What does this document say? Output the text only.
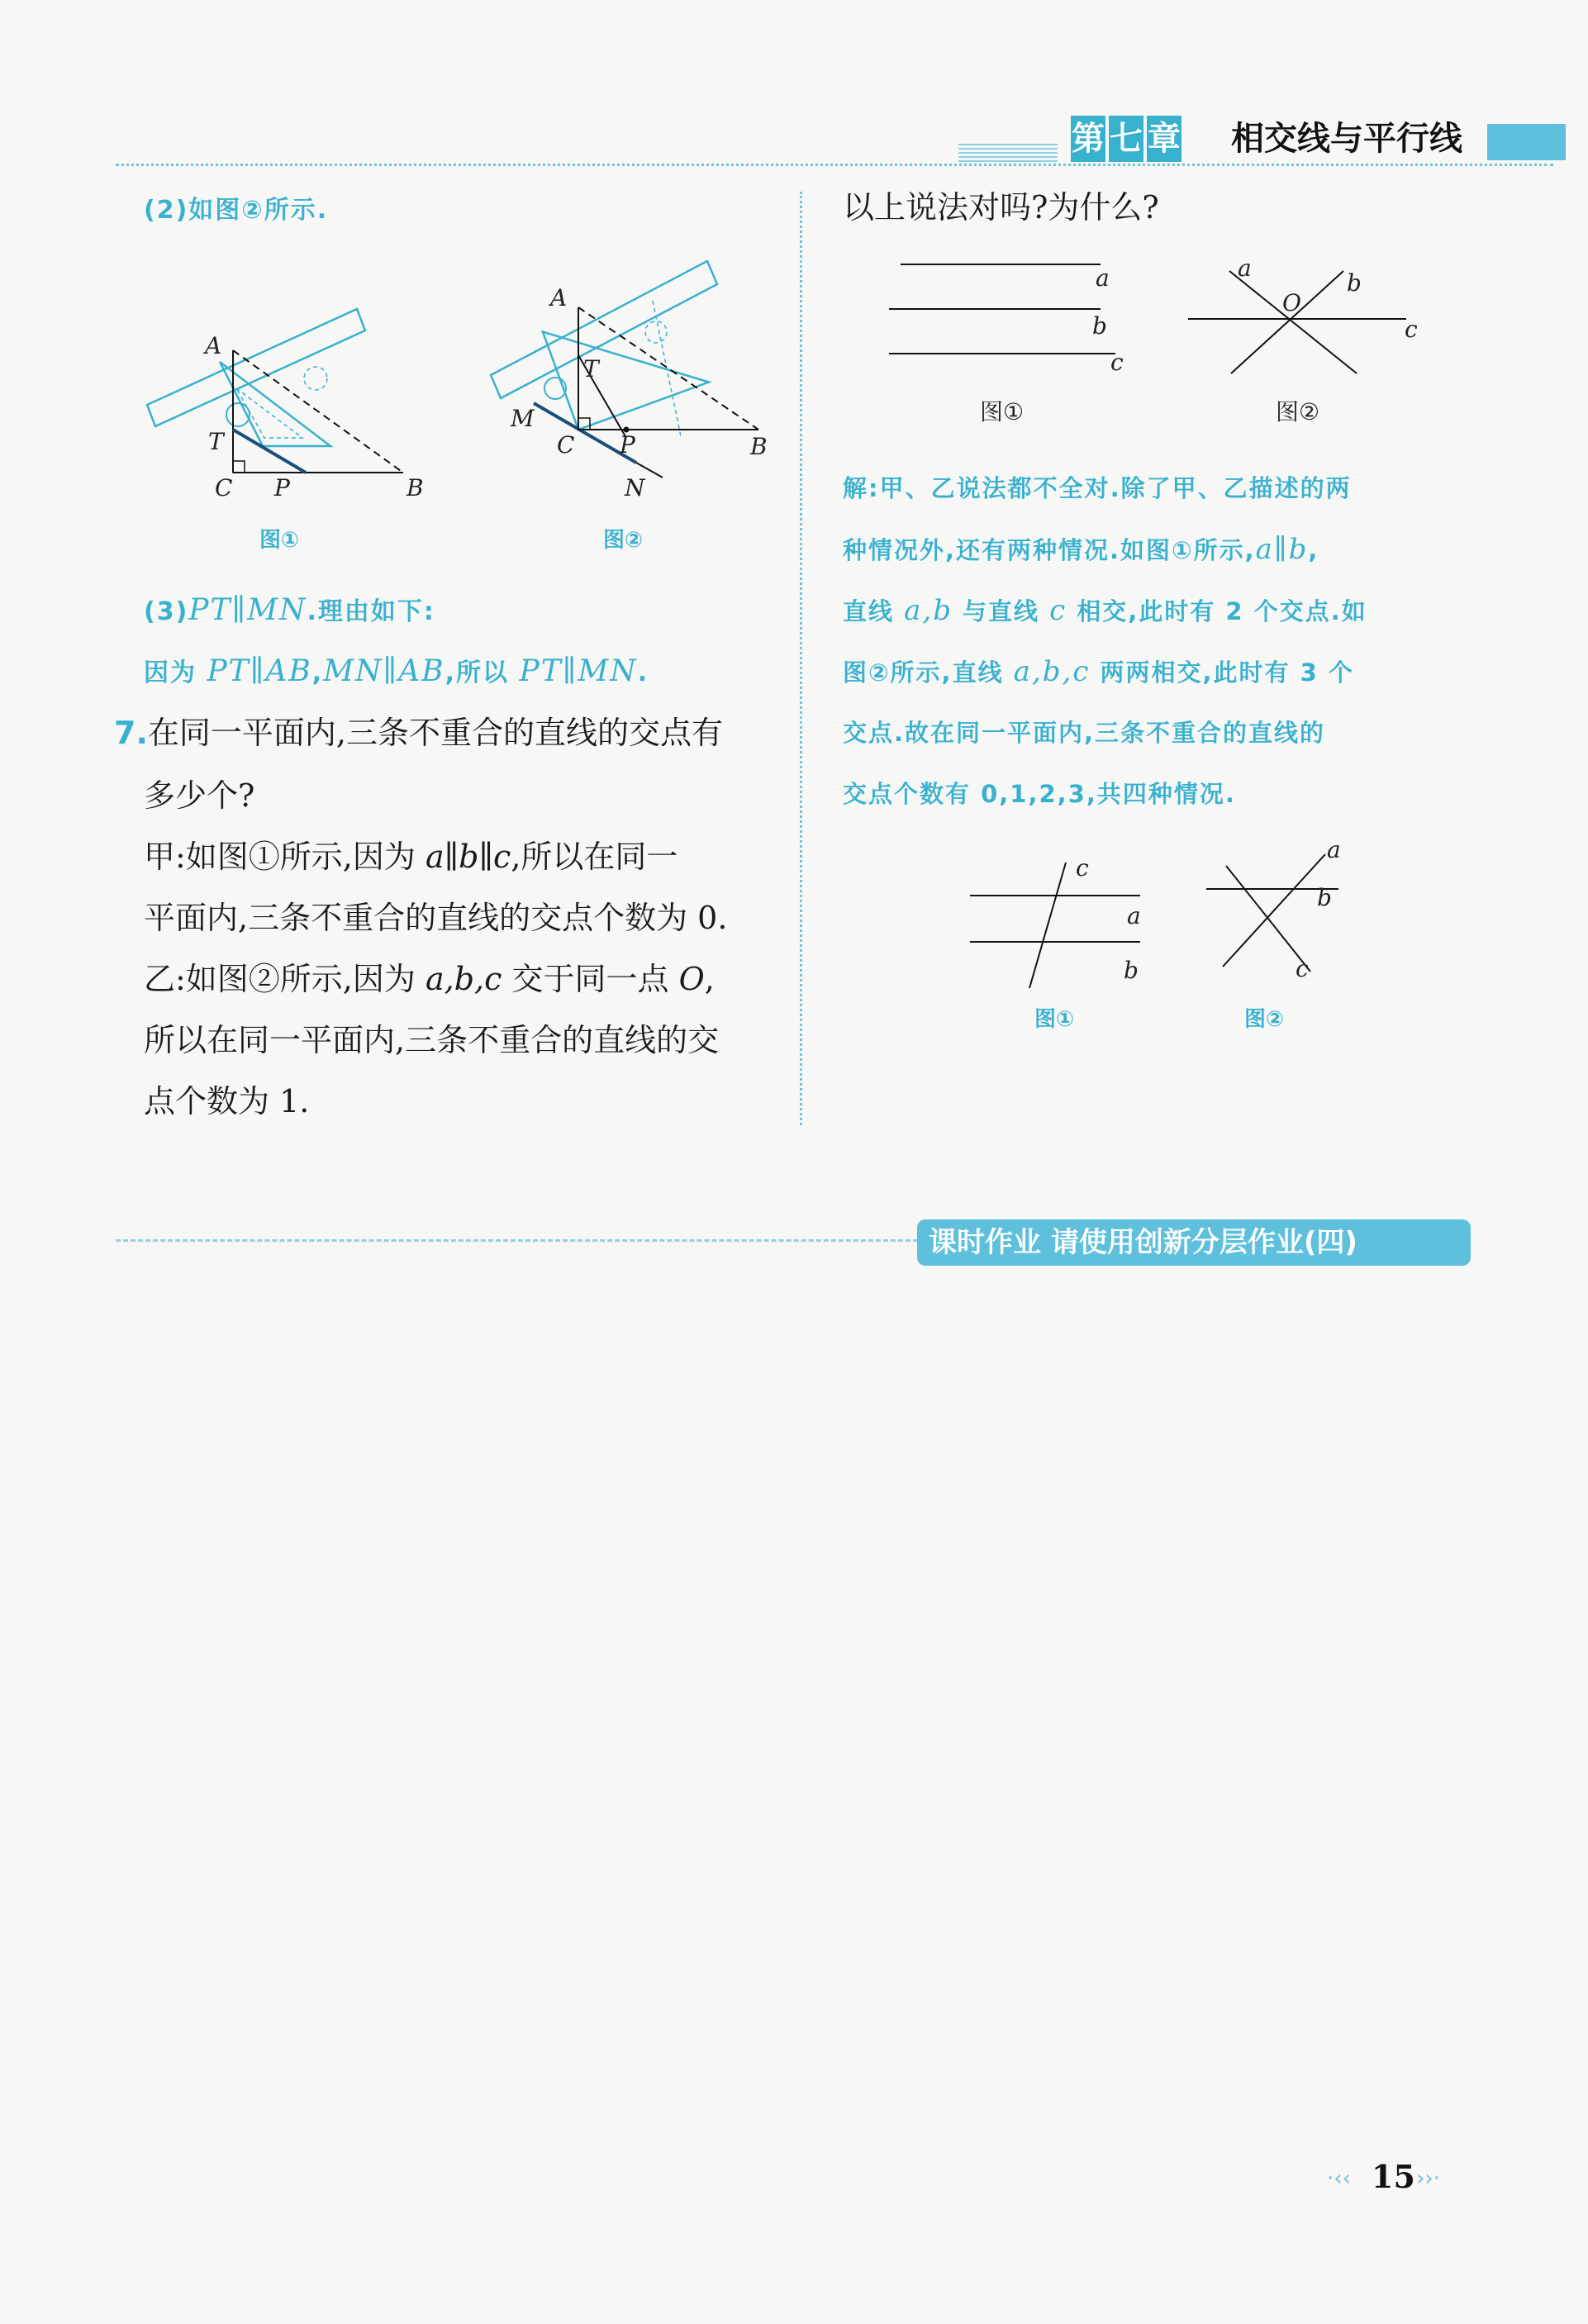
第 七 章 相交线与平行线
(2)如图②所示.
A
T
C P	B
图①
A
T
M
C P	B
N
图②
(3)PT∥MN.理由如下:
因为 PT∥AB,MN∥AB,所以 PT∥MN.
7.在同一平面内,三条不重合的直线的交点有
多少个?
甲:如图①所示,因为 a∥b∥c,所以在同一
平面内,三条不重合的直线的交点个数为 0.
乙:如图②所示,因为 a,b,c 交于同一点 O,
所以在同一平面内,三条不重合的直线的交
点个数为 1.
以上说法对吗?为什么?
a
b
c
图①
a
b
c
O
图②
解:甲、乙说法都不全对.除了甲、乙描述的两
种情况外,还有两种情况.如图①所示,a∥b,
直线 a,b 与直线 c 相交,此时有 2 个交点.如
图②所示,直线 a,b,c 两两相交,此时有 3 个
交点.故在同一平面内,三条不重合的直线的
交点个数有 0,1,2,3,共四种情况.
c
a
b
图①
a
b
c
图②
课时作业 请使用创新分层作业(四)
·‹‹ 15 ››·
